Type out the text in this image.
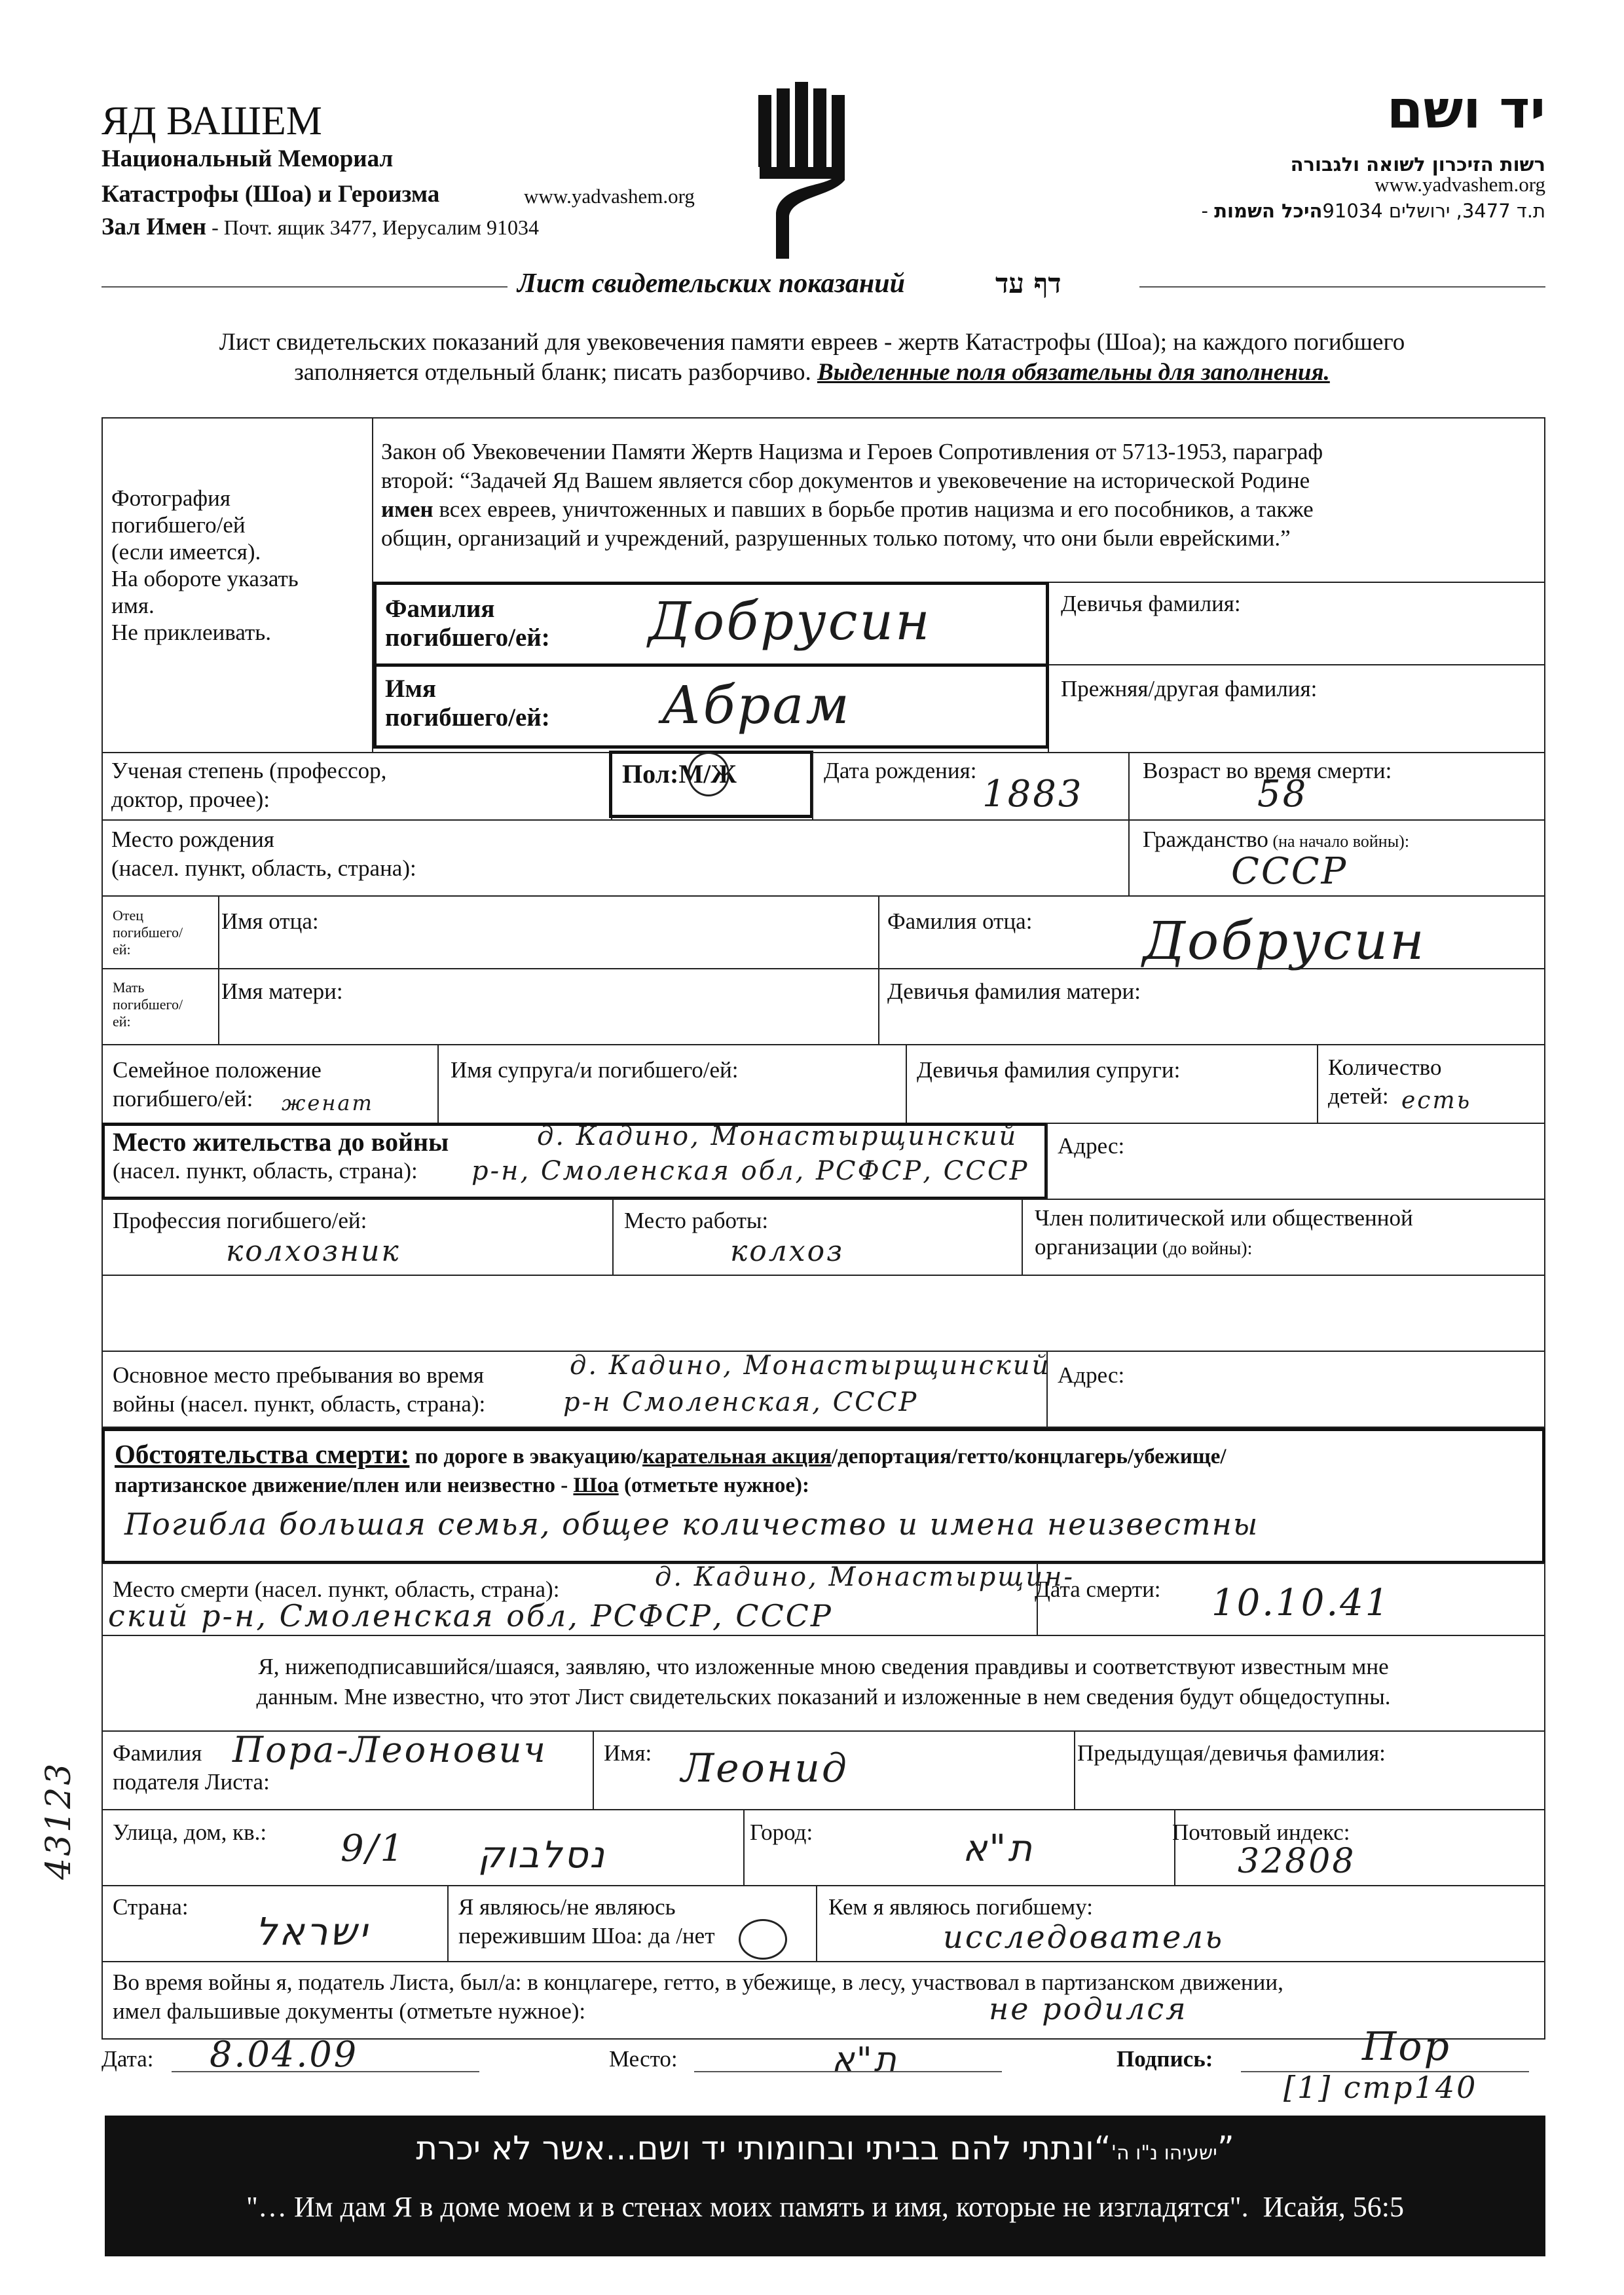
ЯД ВАШЕМ
Национальный Мемориал
Катастрофы (Шоа) и Героизма	www.yadvashem.org
Зал Имен - Почт. ящик 3477, Иерусалим 91034
יד ושם
רשות הזיכרון לשואה ולגבורה
www.yadvashem.org
- ת.ד 3477, ירושלים 91034היכל השמות
Лист свидетельских показаний	דף עד
Лист свидетельских показаний для увековечения памяти евреев - жертв Катастрофы (Шоа); на каждого погибшего
заполняется отдельный бланк; писать разборчиво. Выделенные поля обязательны для заполнения.
Фотография
погибшего/ей
(если имеется).
На обороте указать
имя.
Не приклеивать.
Закон об Увековечении Памяти Жертв Нацизма и Героев Сопротивления от 5713-1953, параграф
второй: “Задачей Яд Вашем является сбор документов и увековечение на исторической Родине
имен всех евреев, уничтоженных и павших в борьбе против нацизма и его пособников, а также
общин, организаций и учреждений, разрушенных только потому, что они были еврейскими.”
Девичья фамилия:
Прежняя/другая фамилия:
Фамилия
погибшего/ей: Добрусин
Имя
погибшего/ей: Абрам
Ученая степень (профессор,
доктор, прочее):
Пол:М/Ж	Дата рождения:
1883
Возраст во время смерти:
58
Место рождения
(насел. пункт, область, страна):
Гражданство (на начало войны):
СССР
Отец
погибшего/
ей:
Имя отца:	Фамилия отца: Добрусин
Мать
погибшего/
ей:
Имя матери:	Девичья фамилия матери:
Семейное положение
погибшего/ей:	женат
Имя супруга/и погибшего/ей:	Девичья фамилия супруги:	Количество
детей: есть
Место жительства до войны
(насел. пункт, область, страна):
д. Кадино, Монастырщинский
р-н, Смоленская обл, РСФСР, СССР
Адрес:
Профессия погибшего/ей:
колхозник
Место работы:
колхоз
Член политической или общественной
организации (до войны):
Основное место пребывания во время
войны (насел. пункт, область, страна):
д. Кадино, Монастырщинский
р-н Смоленская, СССР
Адрес:
Обстоятельства смерти: по дороге в эвакуацию/карательная акция/депортация/гетто/концлагерь/убежище/
партизанское движение/плен или неизвестно - Шоа (отметьте нужное):
Погибла большая семья, общее количество и имена неизвестны
Место смерти (насел. пункт, область, страна):	д. Кадино, Монастырщин-
ский р-н, Смоленская обл, РСФСР, СССР
Дата смерти: 10.10.41
Я, нижеподписавшийся/шаяся, заявляю, что изложенные мною сведения правдивы и соответствуют известным мне
данным. Мне известно, что этот Лист свидетельских показаний и изложенные в нем сведения будут общедоступны.
Фамилия
подателя Листа:
Пора-Леонович Имя: Леонид	Предыдущая/девичья фамилия:
Улица, дом, кв.: 9/1 נסלבוק
Город:	ת"א	Почтовый индекс:
32808
Страна:
ישראל
Я являюсь/не являюсь
пережившим Шоа: да /нет
Кем я являюсь погибшему:
исследователь
Во время войны я, податель Листа, был/а: в концлагере, гетто, в убежище, в лесу, участвовал в партизанском движении,
имел фальшивые документы (отметьте нужное):	не родился
43123
Дата: 8.04.09	Место:	ת"א	Подпись:	Пор
[1] стр140
ישעיהו נ"ו ה'“ונתתי להם בביתי ובחומותי יד ושם...אשר לא יכרת”
"… Им дам Я в доме моем и в стенах моих память и имя, которые не изгладятся". Исайя, 56:5
